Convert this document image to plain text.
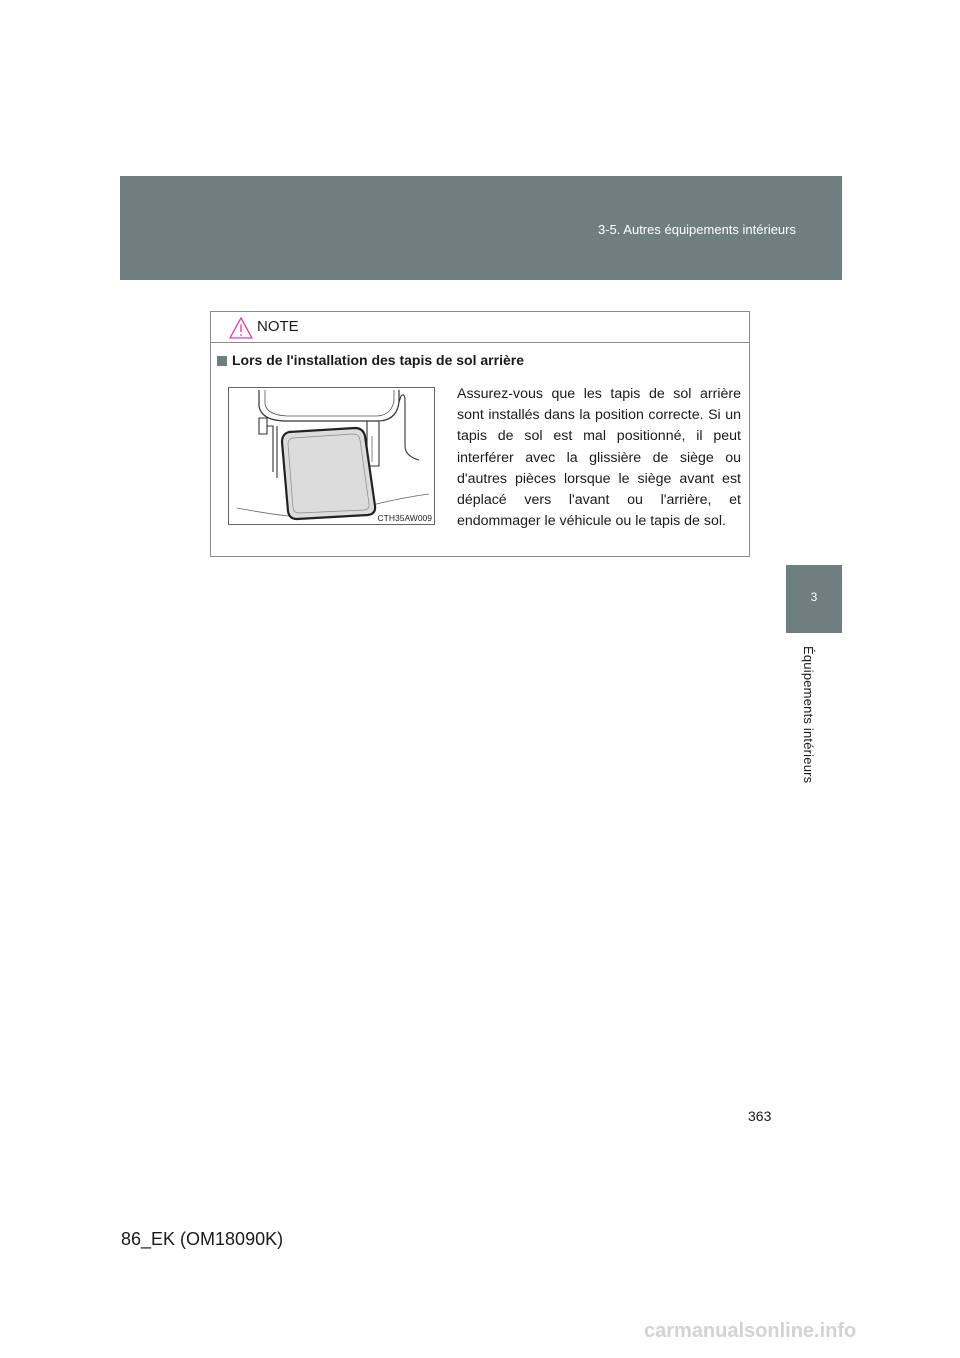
3-5. Autres équipements intérieurs
3
Équipements intérieurs
NOTE
Lors de l'installation des tapis de sol arrière
CTH35AW009
Assurez-vous que les tapis de sol arrière sont installés dans la position correcte. Si un tapis de sol est mal positionné, il peut interférer avec la glissière de siège ou d'autres pièces lorsque le siège avant est déplacé vers l'avant ou l'arrière, et endommager le véhicule ou le tapis de sol.
363
86_EK (OM18090K)
carmanualsonline.info
